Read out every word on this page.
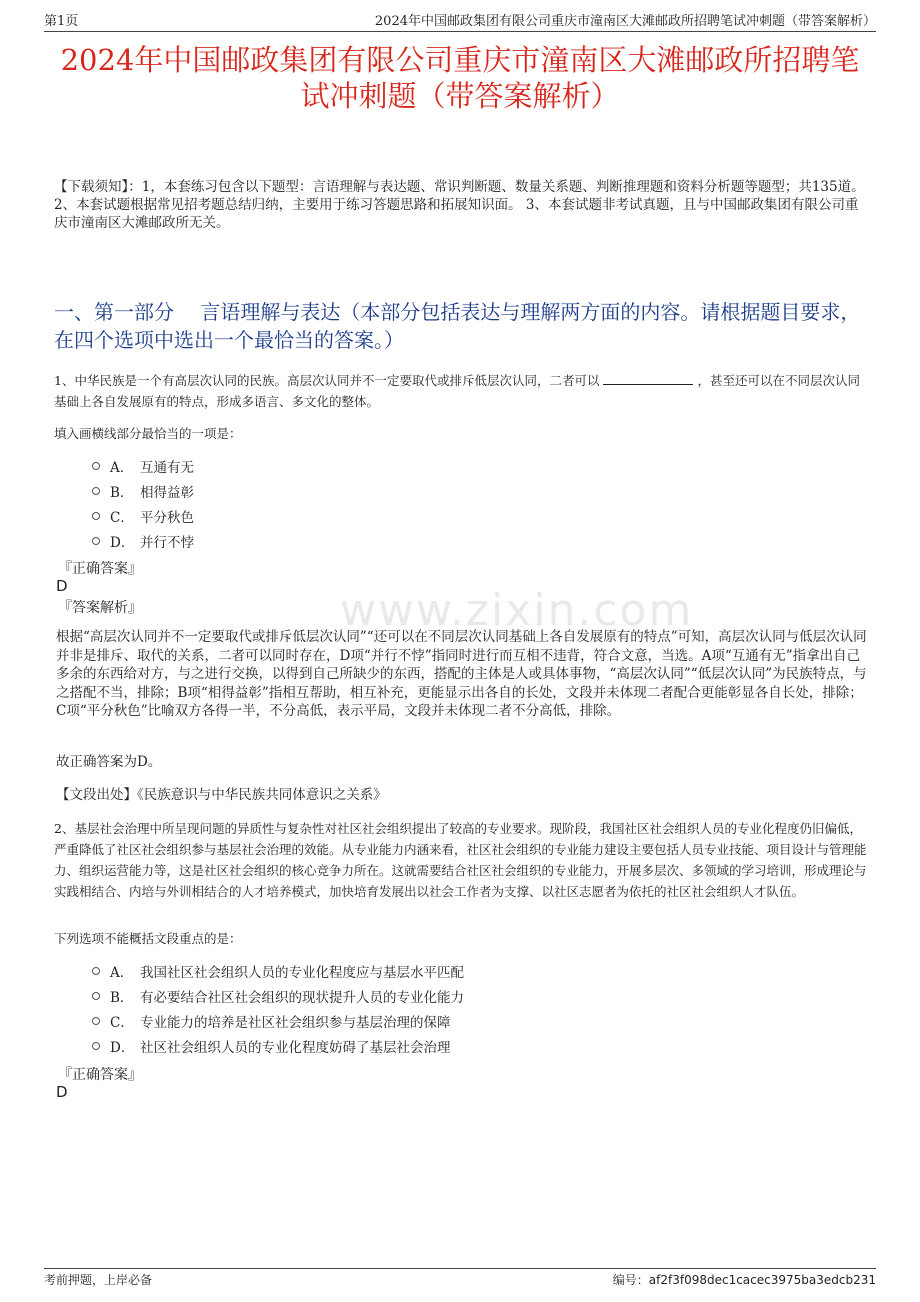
第1页	2024年中国邮政集团有限公司重庆市潼南区大滩邮政所招聘笔试冲刺题（带答案解析）
2024年中国邮政集团有限公司重庆市潼南区大滩邮政所招聘笔
试冲刺题（带答案解析）
【下载须知】：1，本套练习包含以下题型：言语理解与表达题、常识判断题、数量关系题、判断推理题和资料分析题等题型；共135道。 2、本套试题根据常见招考题总结归纳，主要用于练习答题思路和拓展知识面。 3、本套试题非考试真题，且与中国邮政集团有限公司重庆市潼南区大滩邮政所无关。
一、第一部分　 言语理解与表达（本部分包括表达与理解两方面的内容。请根据题目要求，在四个选项中选出一个最恰当的答案。）
www.zixin.com
1、中华民族是一个有高层次认同的民族。高层次认同并不一定要取代或排斥低层次认同，二者可以	，甚至还可以在不同层次认同基础上各自发展原有的特点，形成多语言、多文化的整体。
填入画横线部分最恰当的一项是：
A． 互通有无
B． 相得益彰
C． 平分秋色
D． 并行不悖
『正确答案』
D
『答案解析』
根据“高层次认同并不一定要取代或排斥低层次认同”“还可以在不同层次认同基础上各自发展原有的特点”可知，高层次认同与低层次认同并非是排斥、取代的关系，二者可以同时存在，D项“并行不悖”指同时进行而互相不违背，符合文意，当选。A项“互通有无”指拿出自己多余的东西给对方，与之进行交换，以得到自己所缺少的东西，搭配的主体是人或具体事物，“高层次认同”“低层次认同”为民族特点，与之搭配不当，排除；B项“相得益彰”指相互帮助，相互补充，更能显示出各自的长处，文段并未体现二者配合更能彰显各自长处，排除；C项“平分秋色”比喻双方各得一半，不分高低，表示平局，文段并未体现二者不分高低，排除。
故正确答案为D。
【文段出处】《民族意识与中华民族共同体意识之关系》
2、基层社会治理中所呈现问题的异质性与复杂性对社区社会组织提出了较高的专业要求。现阶段，我国社区社会组织人员的专业化程度仍旧偏低，严重降低了社区社会组织参与基层社会治理的效能。从专业能力内涵来看，社区社会组织的专业能力建设主要包括人员专业技能、项目设计与管理能力、组织运营能力等，这是社区社会组织的核心竞争力所在。这就需要结合社区社会组织的专业能力，开展多层次、多领域的学习培训，形成理论与实践相结合、内培与外训相结合的人才培养模式，加快培育发展出以社会工作者为支撑、以社区志愿者为依托的社区社会组织人才队伍。
下列选项不能概括文段重点的是：
A． 我国社区社会组织人员的专业化程度应与基层水平匹配
B． 有必要结合社区社会组织的现状提升人员的专业化能力
C． 专业能力的培养是社区社会组织参与基层治理的保障
D． 社区社会组织人员的专业化程度妨碍了基层社会治理
『正确答案』
D
考前押题，上岸必备	编号：af2f3f098dec1cacec3975ba3edcb231
